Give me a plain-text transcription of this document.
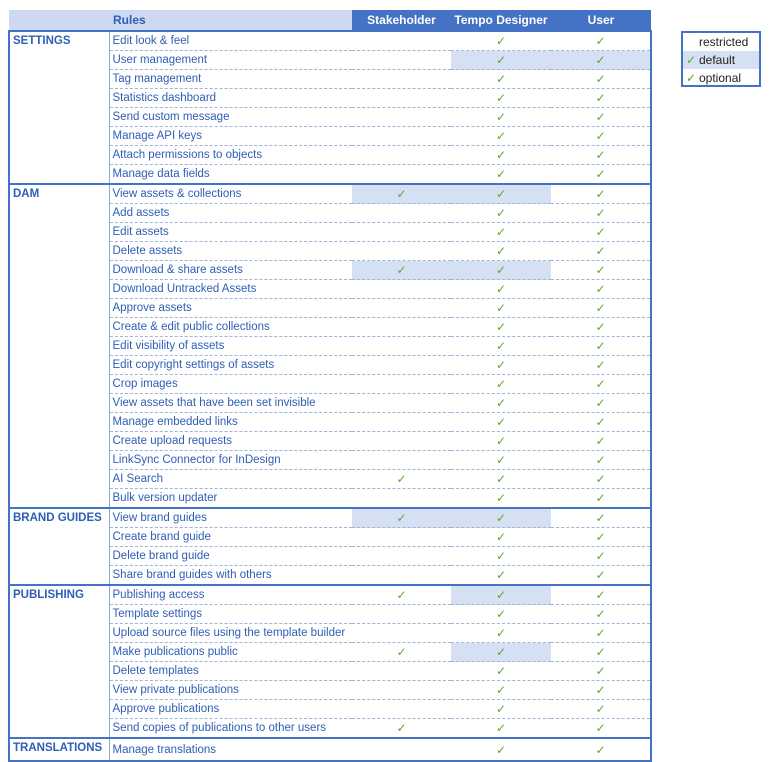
	Rules	Stakeholder	Tempo Designer	User
SETTINGS	Edit look & feel		✓	✓
	User management		✓	✓
	Tag management		✓	✓
	Statistics dashboard		✓	✓
	Send custom message		✓	✓
	Manage API keys		✓	✓
	Attach permissions to objects		✓	✓
	Manage data fields		✓	✓
DAM	View assets & collections	✓	✓	✓
	Add assets		✓	✓
	Edit assets		✓	✓
	Delete assets		✓	✓
	Download & share assets	✓	✓	✓
	Download Untracked Assets		✓	✓
	Approve assets		✓	✓
	Create & edit public collections		✓	✓
	Edit visibility of assets		✓	✓
	Edit copyright settings of assets		✓	✓
	Crop images		✓	✓
	View assets that have been set invisible		✓	✓
	Manage embedded links		✓	✓
	Create upload requests		✓	✓
	LinkSync Connector for InDesign		✓	✓
	AI Search	✓	✓	✓
	Bulk version updater		✓	✓
BRAND GUIDES	View brand guides	✓	✓	✓
	Create brand guide		✓	✓
	Delete brand guide		✓	✓
	Share brand guides with others		✓	✓
PUBLISHING	Publishing access	✓	✓	✓
	Template settings		✓	✓
	Upload source files using the template builder		✓	✓
	Make publications public	✓	✓	✓
	Delete templates		✓	✓
	View private publications		✓	✓
	Approve publications		✓	✓
	Send copies of publications to other users	✓	✓	✓
TRANSLATIONS	Manage translations		✓	✓
restricted
✓ default
✓ optional
